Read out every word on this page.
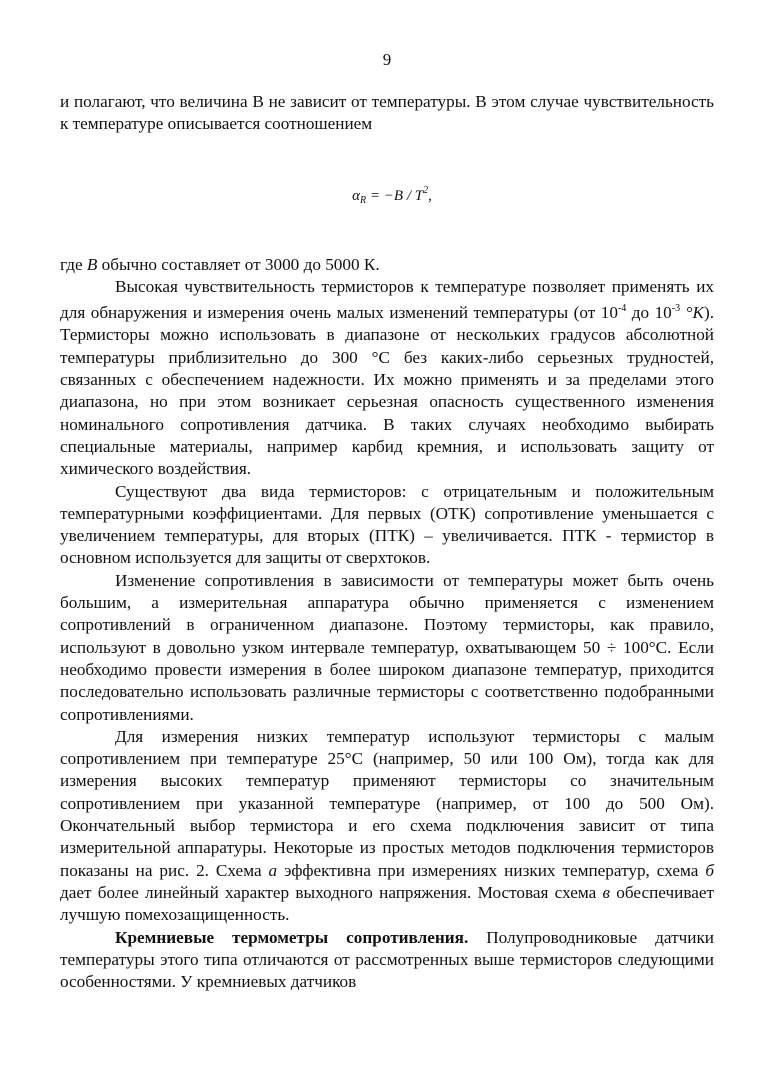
9

и полагают, что величина B не зависит от температуры. В этом случае чувствительность к температуре описывается соотношением

$\alpha_R = -B / T^2$,

где B обычно составляет от 3000 до 5000 К.

Высокая чувствительность термисторов к температуре позволяет применять их для обнаружения и измерения очень малых изменений температуры (от $10^{-4}$ до $10^{-3}$ °K). Термисторы можно использовать в диапазоне от нескольких градусов абсолютной температуры приблизительно до 300 °C без каких-либо серьезных трудностей, связанных с обеспечением надежности. Их можно применять и за пределами этого диапазона, но при этом возникает серьезная опасность существенного изменения номинального сопротивления датчика. В таких случаях необходимо выбирать специальные материалы, например карбид кремния, и использовать защиту от химического воздействия.

Существуют два вида термисторов: с отрицательным и положительным температурными коэффициентами. Для первых (ОТК) сопротивление уменьшается с увеличением температуры, для вторых (ПТК) – увеличивается. ПТК - термистор в основном используется для защиты от сверхтоков.

Изменение сопротивления в зависимости от температуры может быть очень большим, а измерительная аппаратура обычно применяется с изменением сопротивлений в ограниченном диапазоне. Поэтому термисторы, как правило, используют в довольно узком интервале температур, охватывающем 50 ÷ 100°C. Если необходимо провести измерения в более широком диапазоне температур, приходится последовательно использовать различные термисторы с соответственно подобранными сопротивлениями.

Для измерения низких температур используют термисторы с малым сопротивлением при температуре 25°C (например, 50 или 100 Ом), тогда как для измерения высоких температур применяют термисторы со значительным сопротивлением при указанной температуре (например, от 100 до 500 Ом). Окончательный выбор термистора и его схема подключения зависит от типа измерительной аппаратуры. Некоторые из простых методов подключения термисторов показаны на рис. 2. Схема а эффективна при измерениях низких температур, схема б дает более линейный характер выходного напряжения. Мостовая схема в обеспечивает лучшую помехозащищенность.

Кремниевые термометры сопротивления. Полупроводниковые датчики температуры этого типа отличаются от рассмотренных выше термисторов следующими особенностями. У кремниевых датчиков
